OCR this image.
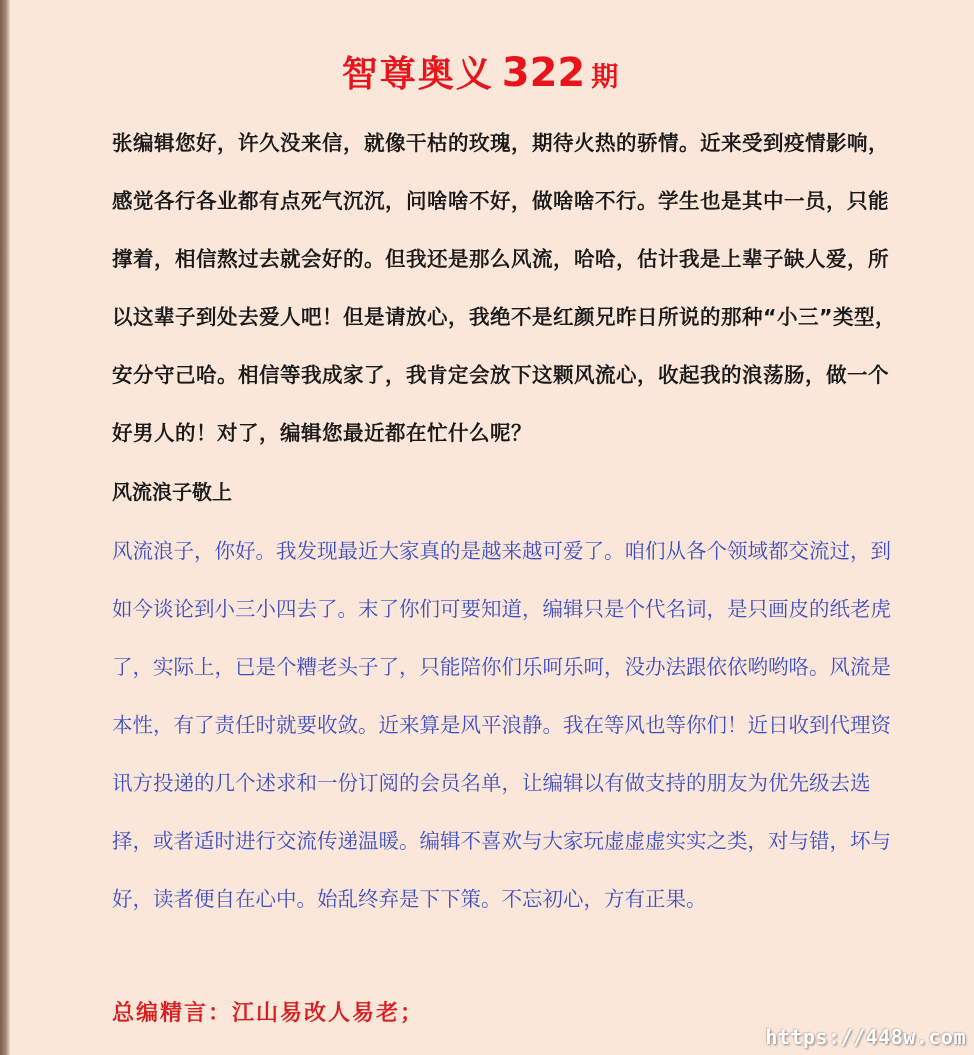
智尊奥义 322 期
张编辑您好，许久没来信，就像干枯的玫瑰，期待火热的骄情。近来受到疫情影响，感觉各行各业都有点死气沉沉，问啥啥不好，做啥啥不行。学生也是其中一员，只能撑着，相信熬过去就会好的。但我还是那么风流，哈哈，估计我是上辈子缺人爱，所以这辈子到处去爱人吧！但是请放心，我绝不是红颜兄昨日所说的那种“小三”类型，安分守己哈。相信等我成家了，我肯定会放下这颗风流心，收起我的浪荡肠，做一个好男人的！对了，编辑您最近都在忙什么呢？
风流浪子敬上
风流浪子，你好。我发现最近大家真的是越来越可爱了。咱们从各个领域都交流过，到如今谈论到小三小四去了。末了你们可要知道，编辑只是个代名词，是只画皮的纸老虎了，实际上，已是个糟老头子了，只能陪你们乐呵乐呵，没办法跟依依哟哟咯。风流是本性，有了责任时就要收敛。近来算是风平浪静。我在等风也等你们！近日收到代理资讯方投递的几个述求和一份订阅的会员名单，让编辑以有做支持的朋友为优先级去选择，或者适时进行交流传递温暖。编辑不喜欢与大家玩虚虚虚实实之类，对与错，坏与好，读者便自在心中。始乱终弃是下下策。不忘初心，方有正果。
总编精言：江山易改人易老；
https://448w.com
